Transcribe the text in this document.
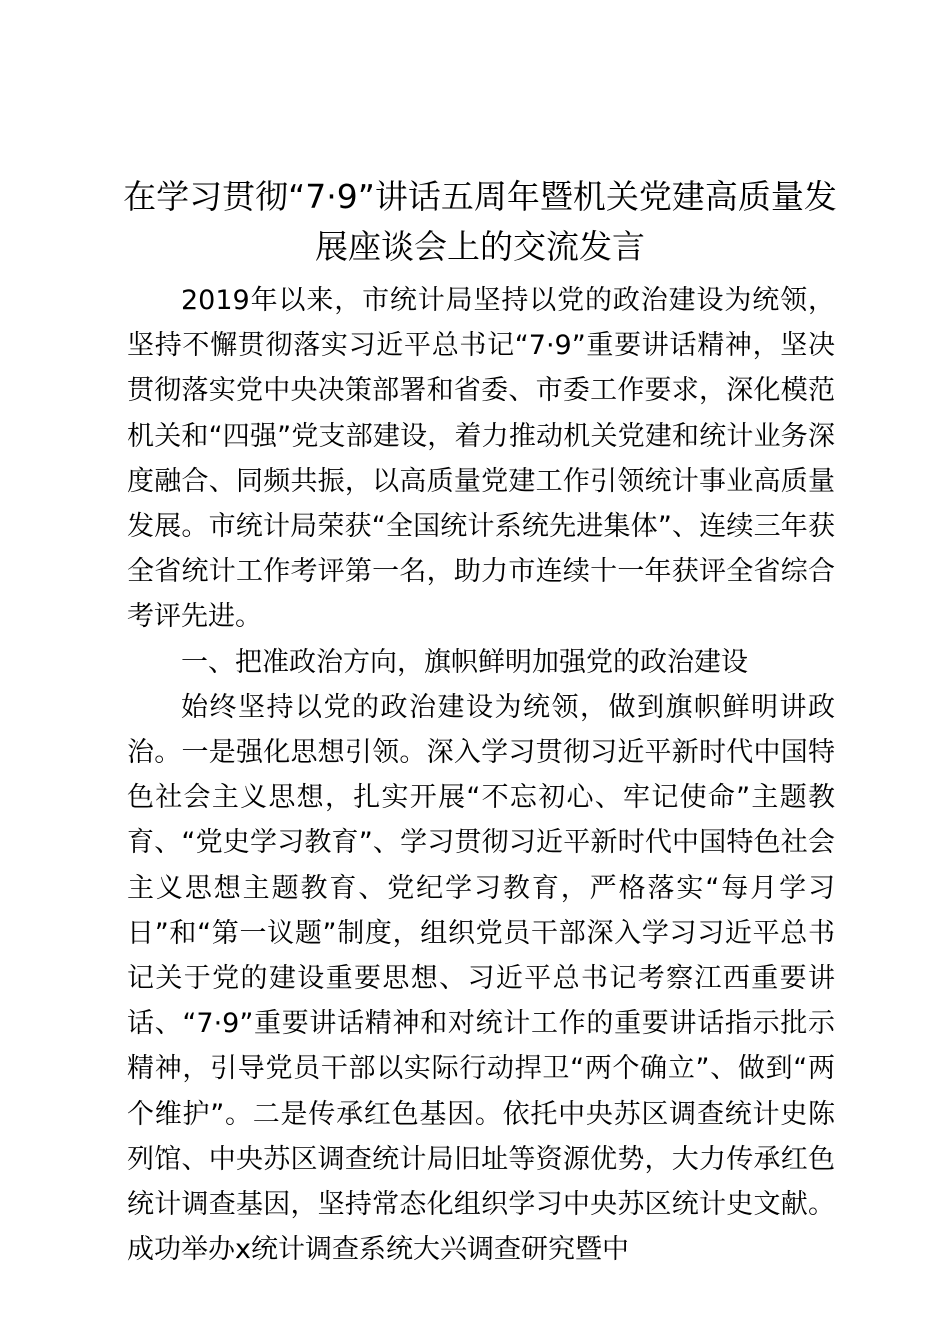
在学习贯彻“7·9”讲话五周年暨机关党建高质量发展座谈会上的交流发言

2019年以来，市统计局坚持以党的政治建设为统领，坚持不懈贯彻落实习近平总书记“7·9”重要讲话精神，坚决贯彻落实党中央决策部署和省委、市委工作要求，深化模范机关和“四强”党支部建设，着力推动机关党建和统计业务深度融合、同频共振，以高质量党建工作引领统计事业高质量发展。市统计局荣获“全国统计系统先进集体”、连续三年获全省统计工作考评第一名，助力市连续十一年获评全省综合考评先进。

一、把准政治方向，旗帜鲜明加强党的政治建设

始终坚持以党的政治建设为统领，做到旗帜鲜明讲政治。一是强化思想引领。深入学习贯彻习近平新时代中国特色社会主义思想，扎实开展“不忘初心、牢记使命”主题教育、“党史学习教育”、学习贯彻习近平新时代中国特色社会主义思想主题教育、党纪学习教育，严格落实“每月学习日”和“第一议题”制度，组织党员干部深入学习习近平总书记关于党的建设重要思想、习近平总书记考察江西重要讲话、“7·9”重要讲话精神和对统计工作的重要讲话指示批示精神，引导党员干部以实际行动捍卫“两个确立”、做到“两个维护”。二是传承红色基因。依托中央苏区调查统计史陈列馆、中央苏区调查统计局旧址等资源优势，大力传承红色统计调查基因，坚持常态化组织学习中央苏区统计史文献。成功举办x统计调查系统大兴调查研究暨中
